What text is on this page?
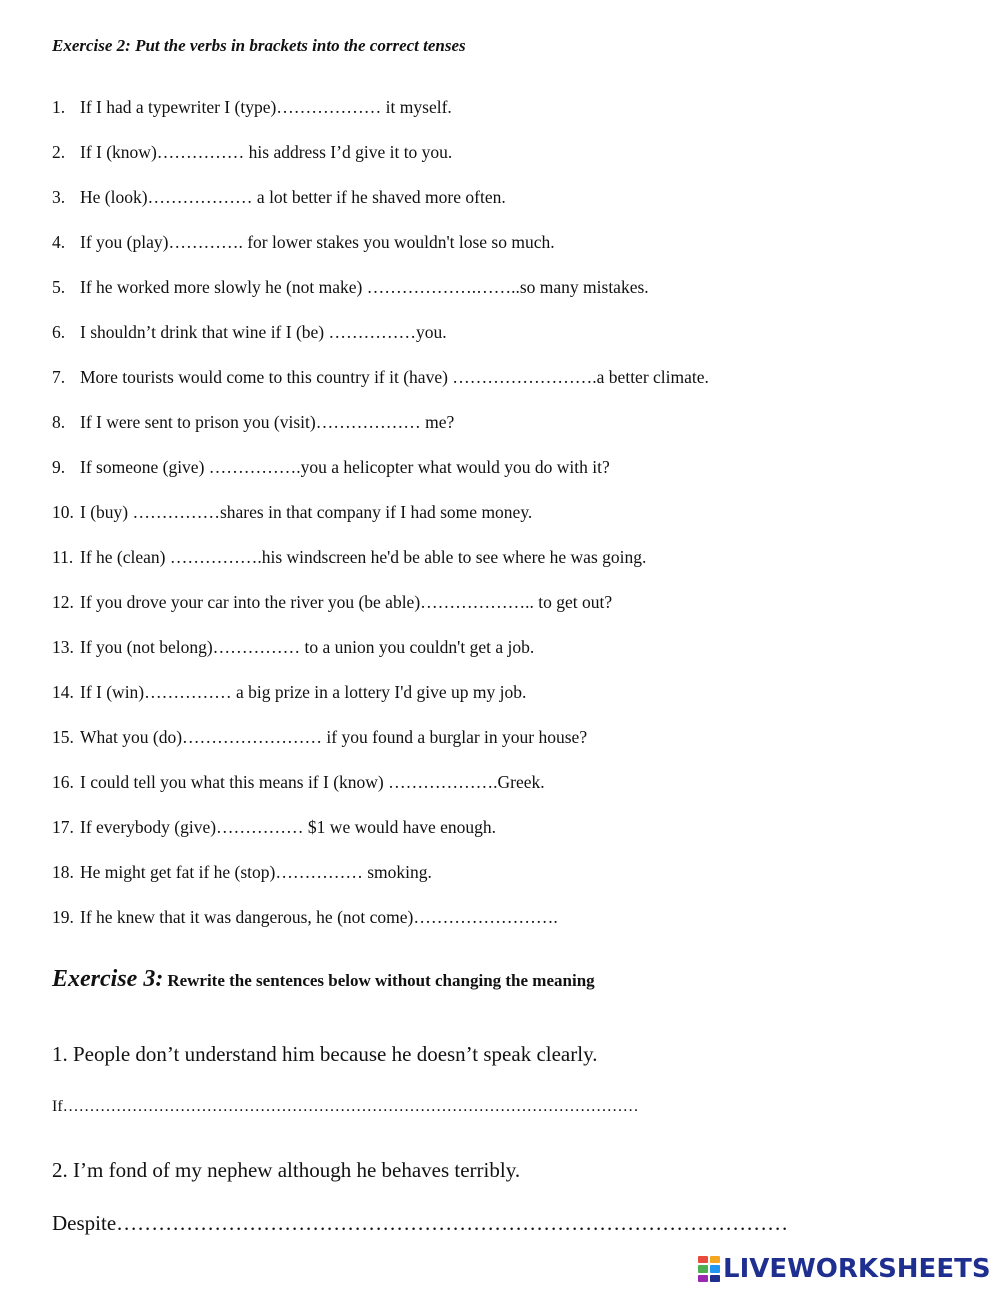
Exercise 2: Put the verbs in brackets into the correct tenses
1. If I had a typewriter I (type)……………… it myself.
2. If I (know)…………… his address I’d give it to you.
3. He (look)……………… a lot better if he shaved more often.
4. If you (play)…………. for lower stakes you wouldn't lose so much.
5. If he worked more slowly he (not make) ……………….……..so many mistakes.
6. I shouldn’t drink that wine if I (be) ……………you.
7. More tourists would come to this country if it (have) …………………….a better climate.
8. If I were sent to prison you (visit)……………… me?
9. If someone (give) …………….you a helicopter what would you do with it?
10. I (buy) ……………shares in that company if I had some money.
11. If he (clean) …………….his windscreen he'd be able to see where he was going.
12. If you drove your car into the river you (be able)……………….. to get out?
13. If you (not belong)…………… to a union you couldn't get a job.
14. If I (win)…………… a big prize in a lottery I'd give up my job.
15. What you (do)…………………… if you found a burglar in your house?
16. I could tell you what this means if I (know) ……………….Greek.
17. If everybody (give)…………… $1 we would have enough.
18. He might get fat if he (stop)…………… smoking.
19. If he knew that it was dangerous, he (not come)…………………….
Exercise 3: Rewrite the sentences below without changing the meaning
1. People don’t understand him because he doesn’t speak clearly.
If………………………………………………………………………………………………
2. I’m fond of my nephew although he behaves terribly.
Despite……………………………………………………………………………………
LIVEWORKSHEETS
